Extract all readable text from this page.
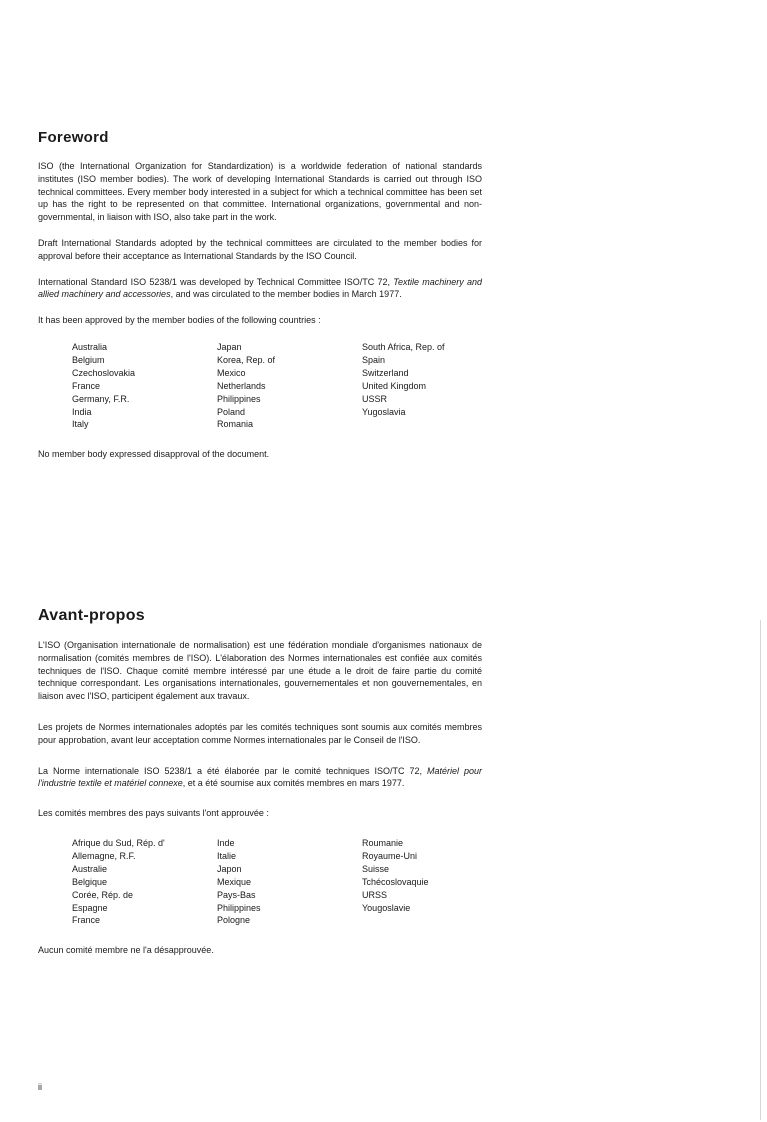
Foreword

ISO (the International Organization for Standardization) is a worldwide federation of national standards institutes (ISO member bodies). The work of developing International Standards is carried out through ISO technical committees. Every member body interested in a subject for which a technical committee has been set up has the right to be represented on that committee. International organizations, governmental and non-governmental, in liaison with ISO, also take part in the work.

Draft International Standards adopted by the technical committees are circulated to the member bodies for approval before their acceptance as International Standards by the ISO Council.

International Standard ISO 5238/1 was developed by Technical Committee ISO/TC 72, Textile machinery and allied machinery and accessories, and was circulated to the member bodies in March 1977.

It has been approved by the member bodies of the following countries :

Australia
Belgium
Czechoslovakia
France
Germany, F.R.
India
Italy
Japan
Korea, Rep. of
Mexico
Netherlands
Philippines
Poland
Romania
South Africa, Rep. of
Spain
Switzerland
United Kingdom
USSR
Yugoslavia

No member body expressed disapproval of the document.

Avant-propos

L'ISO (Organisation internationale de normalisation) est une fédération mondiale d'organismes nationaux de normalisation (comités membres de l'ISO). L'élaboration des Normes internationales est confiée aux comités techniques de l'ISO. Chaque comité membre intéressé par une étude a le droit de faire partie du comité technique correspondant. Les organisations internationales, gouvernementales et non gouvernementales, en liaison avec l'ISO, participent également aux travaux.

Les projets de Normes internationales adoptés par les comités techniques sont soumis aux comités membres pour approbation, avant leur acceptation comme Normes internationales par le Conseil de l'ISO.

La Norme internationale ISO 5238/1 a été élaborée par le comité techniques ISO/TC 72, Matériel pour l'industrie textile et matériel connexe, et a été soumise aux comités membres en mars 1977.

Les comités membres des pays suivants l'ont approuvée :

Afrique du Sud, Rép. d'
Allemagne, R.F.
Australie
Belgique
Corée, Rép. de
Espagne
France
Inde
Italie
Japon
Mexique
Pays-Bas
Philippines
Pologne
Roumanie
Royaume-Uni
Suisse
Tchécoslovaquie
URSS
Yougoslavie

Aucun comité membre ne l'a désapprouvée.

ii
